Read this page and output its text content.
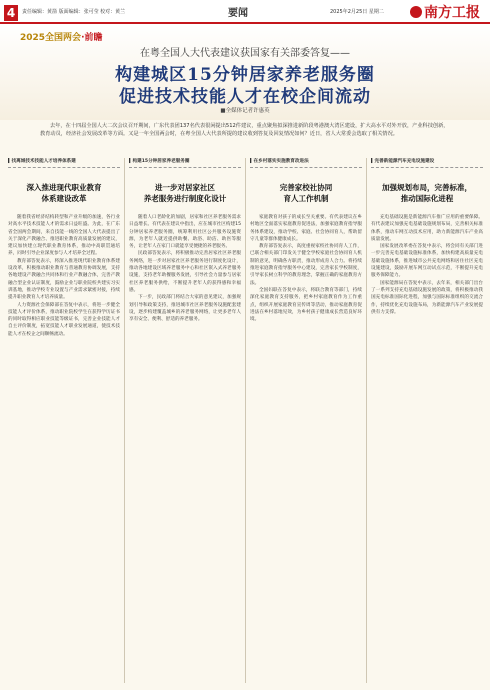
4	责任编辑：黄箭 版面编辑：张可莹 校对：黄兰	要闻	2025年2月25日 星期二	南方工报
2025全国两会·前瞻
在粤全国人大代表建议获国家有关部委答复——
构建城区15分钟居家养老服务圈
促进技术技能人才在校企间流动
■全媒体记者许惠英
去年，在十四届全国人大二次会议召开期间，广东代表团137名代表很闲提出512件建议，重点聚焦拟深推进新阶段粤港澳大湾区建设，扩大高水平对外开放，产业科技创新，教育动员，经济社会发展改革等方面。又是一年全国两会时，在粤全国人大代表所提的建议收到答复及回复情况如何？近日，省人大常委会选取了相关情况。
▍找离城技术技能人才培养体系建
深入推进现代职业教育
体系建设改革

随着我省经济结构转型和产业升级的加速，各行业对高水平技术技能人才的需求日益旺盛。为此，在广东省全国两会期间，来自技能一线的全国人大代表提出了关于深化产教融合、推进职业教育高质量发展的建议，建议加快建立现代职业教育体系，推动中高职贯通培养，同时引导企业深度参与人才培养全过程。

教育部答复表示，将深入推进现代职业教育体系建设改革，积极推动职业教育与普通教育协调发展，支持各地建设产教融合共同体和行业产教融合体，完善产教融合型企业认证制度，鼓励企业与职业院校共建实习实训基地，推动学校专业设置与产业需求紧密对接，持续提升职业教育人才培养质量。

人力资源社会保障部在答复中表示，将进一步健全技能人才评价体系，推动职业院校学生在获得学历证书的同时取得相应职业技能等级证书，完善企业技能人才自主评价制度，拓宽技能人才职业发展通道，使技术技能人才在校企之间顺畅流动。

▍构建15分钟居家养老服务圈
进一步对居家社区
养老服务进行制度化设计

随着人口老龄化的加剧，居家和社区养老服务需求日益增长。有代表在建议中指出，应在城市社区构建15分钟居家养老服务圈，统筹利用社区公共服务设施资源，为老年人就近提供助餐、助浴、助洁、助医等服务，让老年人在家门口就能享受便捷的养老服务。

民政部答复表示，将积极推动完善居家社区养老服务网络，进一步对居家社区养老服务进行制度化设计，推动各地建设区域养老服务中心和社区嵌入式养老服务设施，支持老年助餐服务发展，引导社会力量参与居家社区养老服务供给，不断提升老年人的获得感和幸福感。

下一步，民政部门将结合大家的意见建议，加强规划引导和政策支持，推进城市社区养老服务设施配套建设，逐步构建覆盖城乡的养老服务网络，让更多老年人享有安全、便利、舒适的养老服务。

▍在乡村落实实施教育改进法
完善家校社协同
育人工作机制

家庭教育对孩子的成长至关重要。有代表建议在乡村地区全面落实家庭教育促进法，加强家庭教育指导服务体系建设，推动学校、家庭、社会协同育人，帮助留守儿童等群体健康成长。

教育部答复表示，高度重视家校社协同育人工作，已联合相关部门印发关于健全学校家庭社会协同育人机制的意见，明确各方职责，推动形成育人合力。将持续推进家庭教育指导服务中心建设，完善家长学校制度，引导家长树立科学的教育理念，掌握正确的家庭教育方法。

全国妇联在答复中表示，将联合教育等部门，持续深化家庭教育支持服务，把乡村家庭教育作为工作重点，组织开展家庭教育宣传周等活动，推动家庭教育促进法在乡村落地见效，为乡村孩子健康成长营造良好环境。

▍完善新能源汽车充电设施建设
加强规划布局，完善标准，
推动国际化进程

充电基础设施是新能源汽车推广应用的重要保障。有代表建议加强充电基础设施规划布局，完善相关标准体系，推动车网互动技术应用，助力新能源汽车产业高质量发展。

国家发展改革委在答复中表示，将会同有关部门进一步完善充电基础设施标准体系，加快构建高质量充电基础设施体系，推进城市公共充电网络和居住社区充电设施建设，鼓励开展车网互动试点示范，不断提升充电服务保障能力。

国家能源局在答复中表示，去年来，相关部门出台了一系列支持充电基础设施发展的政策，将积极推动我国充电标准国际化进程，加强与国际标准组织的交流合作，持续优化充电设施布局，为新能源汽车产业发展提供有力支撑。
